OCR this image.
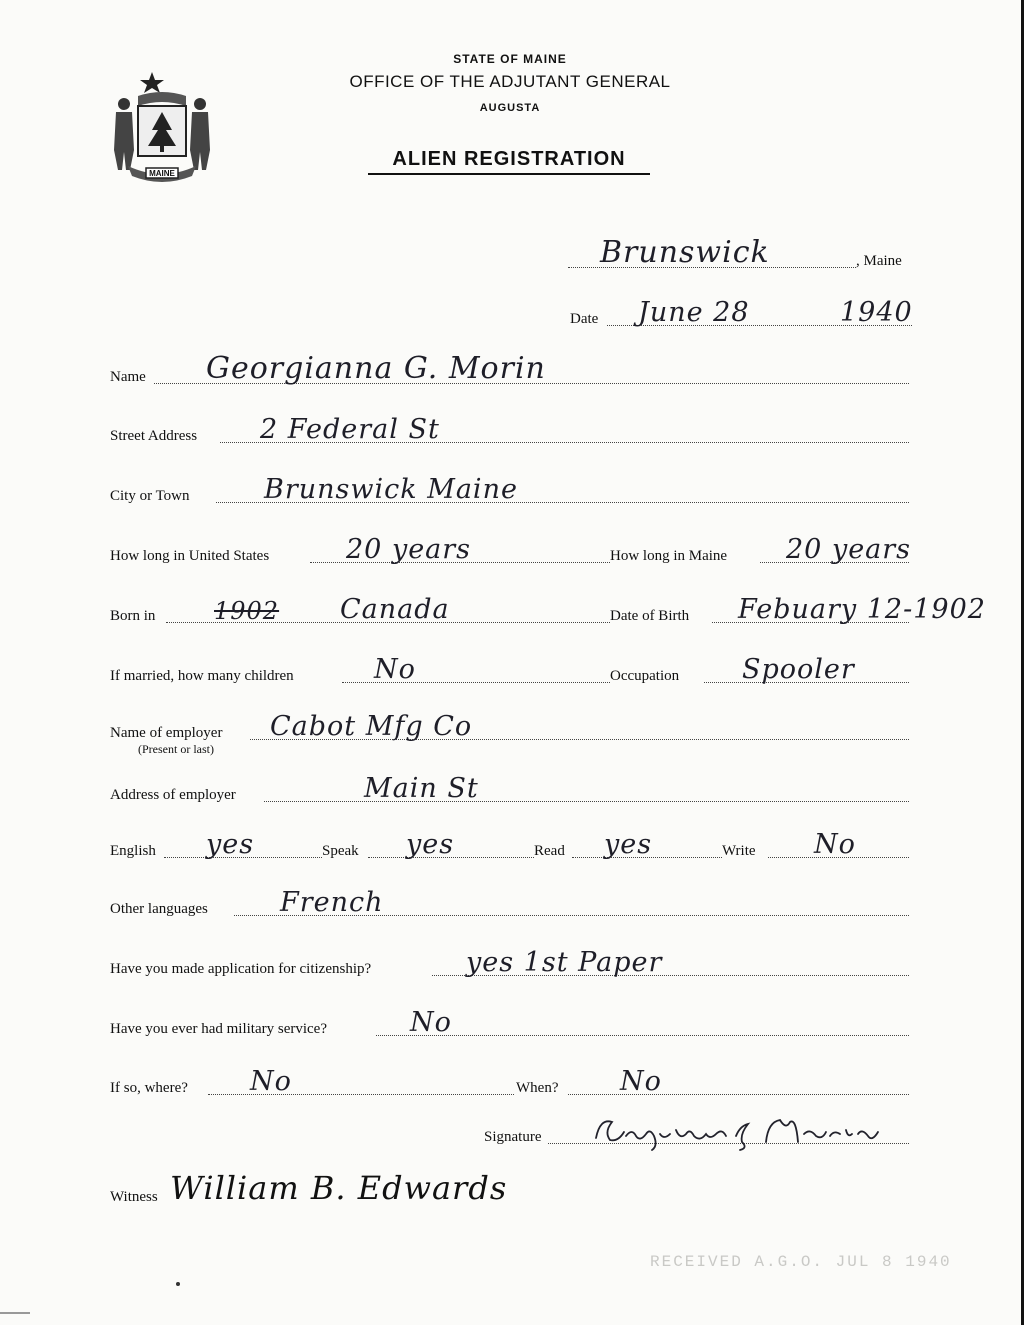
MAINE
STATE OF MAINE
OFFICE OF THE ADJUTANT GENERAL
AUGUSTA
ALIEN REGISTRATION
Brunswick	, Maine
Date June 28	1940
Name Georgianna G. Morin
Street Address 2 Federal St
City or Town	Brunswick Maine
How long in United States	20 years	How long in Maine 20 years
Born in 1902 Canada	Date of Birth Febuary 12-1902
If married, how many children	No	Occupation Spooler
Name of employer
(Present or last)
Cabot Mfg Co
Address of employer	Main St
English yes	Speak yes	Read yes	Write No
Other languages	French
Have you made application for citizenship?	yes 1st Paper
Have you ever had military service?	No
If so, where? No	When? No
Signature
Witness William B. Edwards
RECEIVED A.G.O. JUL 8 1940
